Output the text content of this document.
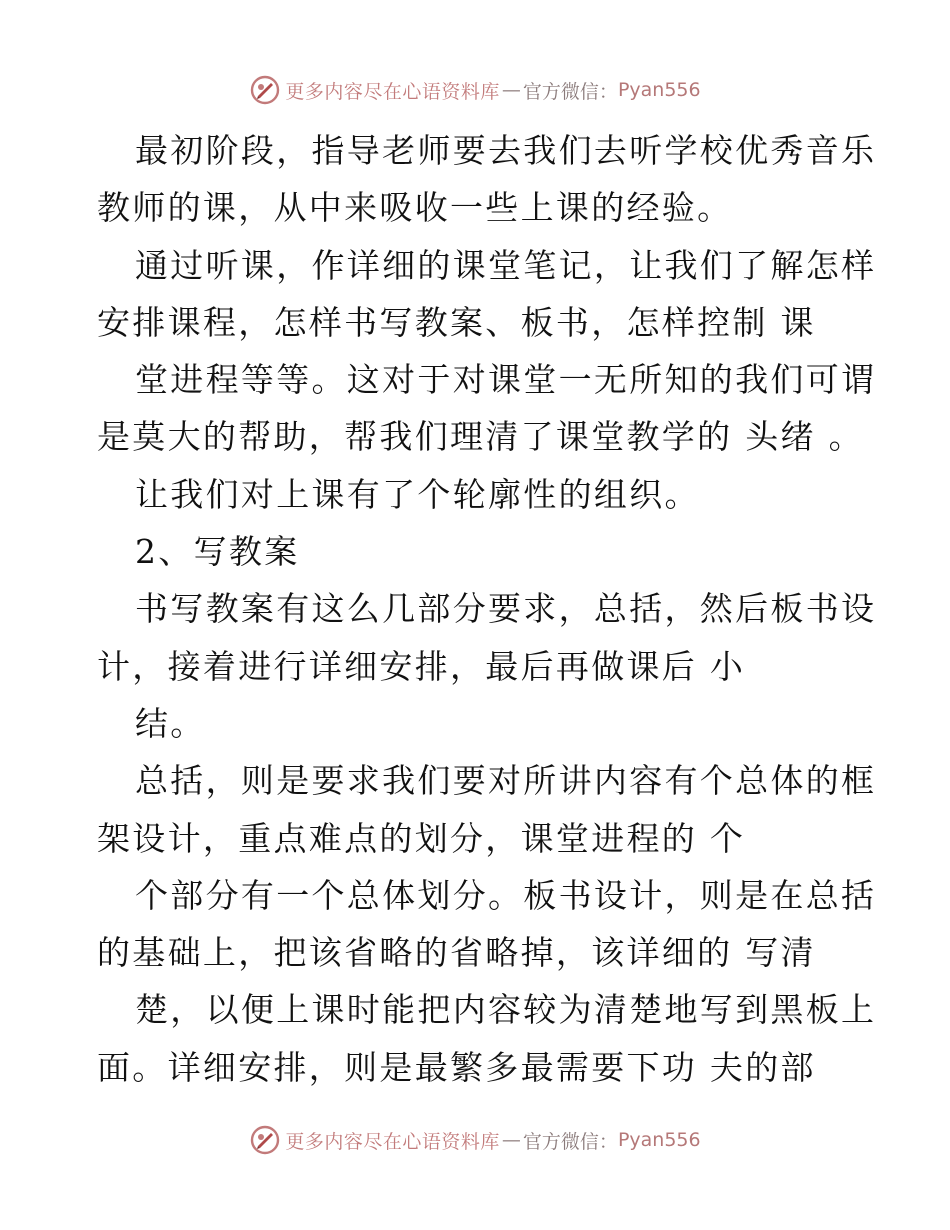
更多内容尽在心语资料库 — 官方微信： Pyan556
最初阶段，指导老师要去我们去听学校优秀音乐
教师的课，从中来吸收一些上课的经验。
通过听课，作详细的课堂笔记，让我们了解怎样
安排课程，怎样书写教案、板书，怎样控制 课
堂进程等等。这对于对课堂一无所知的我们可谓
是莫大的帮助，帮我们理清了课堂教学的 头绪 。
让我们对上课有了个轮廓性的组织。
2、写教案
书写教案有这么几部分要求，总括，然后板书设
计，接着进行详细安排，最后再做课后 小
结。
总括，则是要求我们要对所讲内容有个总体的框
架设计，重点难点的划分，课堂进程的 个
个部分有一个总体划分。板书设计，则是在总括
的基础上，把该省略的省略掉，该详细的 写清
楚，以便上课时能把内容较为清楚地写到黑板上
面。详细安排，则是最繁多最需要下功 夫的部
更多内容尽在心语资料库 — 官方微信： Pyan556
